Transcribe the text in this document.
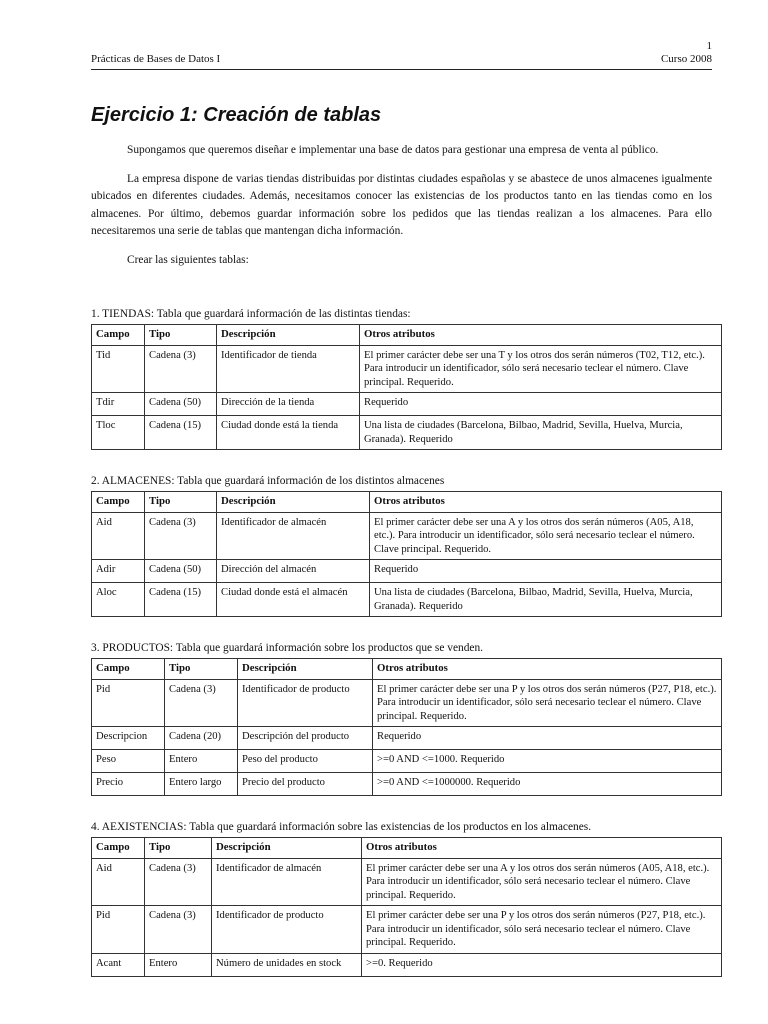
1
Prácticas de Bases de Datos I	Curso 2008
Ejercicio 1: Creación de tablas

Supongamos que queremos diseñar e implementar una base de datos para gestionar una empresa de venta al público.

La empresa dispone de varias tiendas distribuidas por distintas ciudades españolas y se abastece de unos almacenes igualmente ubicados en diferentes ciudades. Además, necesitamos conocer las existencias de los productos tanto en las tiendas como en los almacenes. Por último, debemos guardar información sobre los pedidos que las tiendas realizan a los almacenes. Para ello necesitaremos una serie de tablas que mantengan dicha información.

Crear las siguientes tablas:

1. TIENDAS: Tabla que guardará información de las distintas tiendas:
Campo	Tipo	Descripción	Otros atributos
Tid	Cadena (3)	Identificador de tienda	El primer carácter debe ser una T y los otros dos serán números (T02, T12, etc.). Para introducir un identificador, sólo será necesario teclear el número. Clave principal. Requerido.
Tdir	Cadena (50)	Dirección de la tienda	Requerido
Tloc	Cadena (15)	Ciudad donde está la tienda	Una lista de ciudades (Barcelona, Bilbao, Madrid, Sevilla, Huelva, Murcia, Granada). Requerido
2. ALMACENES: Tabla que guardará información de los distintos almacenes
Campo	Tipo	Descripción	Otros atributos
Aid	Cadena (3)	Identificador de almacén	El primer carácter debe ser una A y los otros dos serán números (A05, A18, etc.). Para introducir un identificador, sólo será necesario teclear el número. Clave principal. Requerido.
Adir	Cadena (50)	Dirección del almacén	Requerido
Aloc	Cadena (15)	Ciudad donde está el almacén	Una lista de ciudades (Barcelona, Bilbao, Madrid, Sevilla, Huelva, Murcia, Granada). Requerido
3. PRODUCTOS: Tabla que guardará información sobre los productos que se venden.
Campo	Tipo	Descripción	Otros atributos
Pid	Cadena (3)	Identificador de producto	El primer carácter debe ser una P y los otros dos serán números (P27, P18, etc.). Para introducir un identificador, sólo será necesario teclear el número. Clave principal. Requerido.
Descripcion	Cadena (20)	Descripción del producto	Requerido
Peso	Entero	Peso del producto	>=0 AND <=1000. Requerido
Precio	Entero largo	Precio del producto	>=0 AND <=1000000. Requerido
4. AEXISTENCIAS: Tabla que guardará información sobre las existencias de los productos en los almacenes.
Campo	Tipo	Descripción	Otros atributos
Aid	Cadena (3)	Identificador de almacén	El primer carácter debe ser una A y los otros dos serán números (A05, A18, etc.). Para introducir un identificador, sólo será necesario teclear el número. Clave principal. Requerido.
Pid	Cadena (3)	Identificador de producto	El primer carácter debe ser una P y los otros dos serán números (P27, P18, etc.). Para introducir un identificador, sólo será necesario teclear el número. Clave principal. Requerido.
Acant	Entero	Número de unidades en stock	>=0. Requerido
